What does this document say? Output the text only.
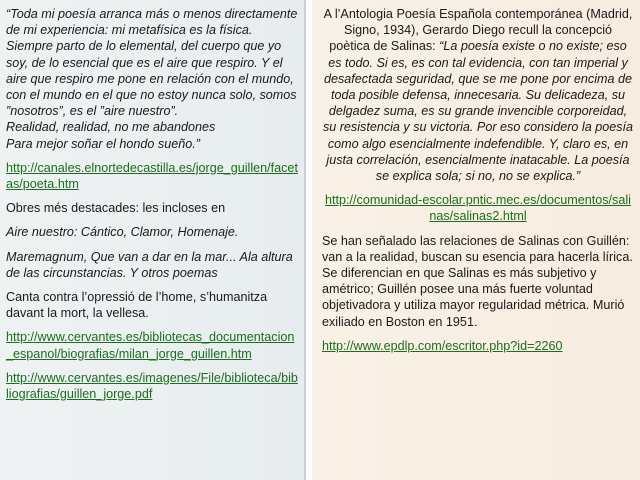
“Toda mi poesía arranca más o menos directamente de mi experiencia: mi metafísica es la física. Siempre parto de lo elemental, del cuerpo que yo soy, de lo esencial que es el aire que respiro. Y el aire que respiro me pone en relación con el mundo, con el mundo en el que no estoy nunca solo, somos ”nosotros”, es el ”aire nuestro”.
Realidad, realidad, no me abandones
Para mejor soñar el hondo sueño.”

http://canales.elnortedecastilla.es/jorge_guillen/facetas/poeta.htm

Obres més destacades: les incloses en

Aire nuestro: Cántico, Clamor, Homenaje.

Maremagnum, Que van a dar en la mar... Ala altura de las circunstancias. Y otros poemas

Canta contra l’opressió de l’home, s’humanitza davant la mort, la vellesa.

http://www.cervantes.es/bibliotecas_documentacion_espanol/biografias/milan_jorge_guillen.htm

http://www.cervantes.es/imagenes/File/biblioteca/bibliografias/guillen_jorge.pdf

A l’Antologia Poesía Española contemporánea (Madrid, Signo, 1934), Gerardo Diego recull la concepció poètica de Salinas: “La poesía existe o no existe; eso es todo. Si es, es con tal evidencia, con tan imperial y desafectada seguridad, que se me pone por encima de toda posible defensa, innecesaria. Su delicadeza, su delgadez suma, es su grande invencible corporeidad, su resistencia y su victoria. Por eso considero la poesía como algo esencialmente indefendible. Y, claro es, en justa correlación, esencialmente inatacable. La poesía se explica sola; si no, no se explica.”

http://comunidad-escolar.pntic.mec.es/documentos/salinas/salinas2.html

Se han señalado las relaciones de Salinas con Guillén: van a la realidad, buscan su esencia para hacerla lírica. Se diferencian en que Salinas es más subjetivo y amétrico; Guillén posee una más fuerte voluntad objetivadora y utiliza mayor regularidad métrica. Murió exiliado en Boston en 1951.

http://www.epdlp.com/escritor.php?id=2260
